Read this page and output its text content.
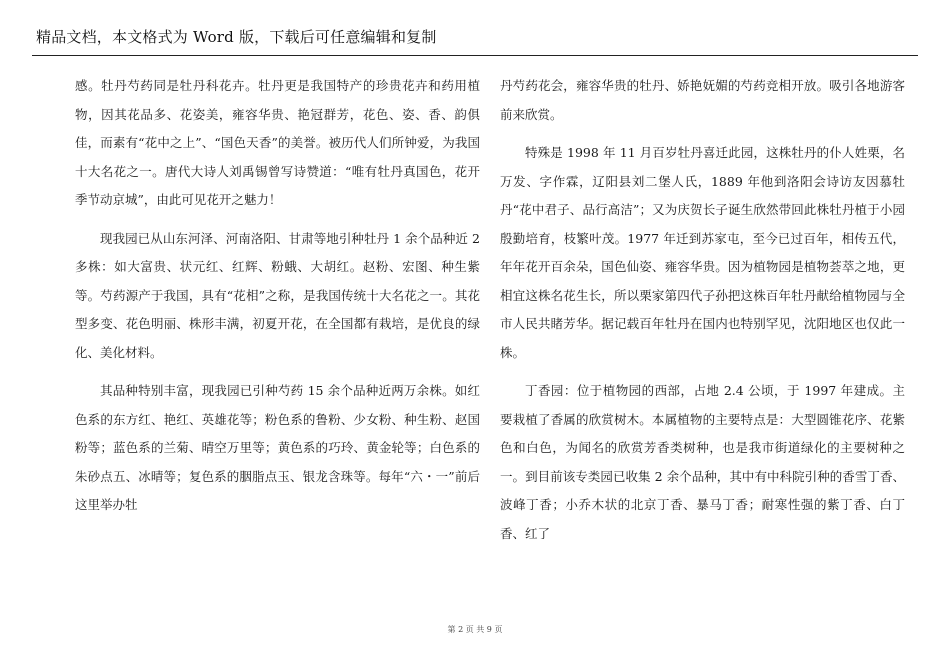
精品文档，本文格式为 Word 版，下载后可任意编辑和复制

感。牡丹芍药同是牡丹科花卉。牡丹更是我国特产的珍贵花卉和药用植物，因其花品多、花姿美，雍容华贵、艳冠群芳，花色、姿、香、韵俱佳，而素有“花中之上”、“国色天香”的美誉。被历代人们所钟爱，为我国十大名花之一。唐代大诗人刘禹锡曾写诗赞道：“唯有牡丹真国色，花开季节动京城”，由此可见花开之魅力！

现我园已从山东河泽、河南洛阳、甘肃等地引种牡丹 1 余个品种近 2 多株：如大富贵、状元红、红辉、粉蛾、大胡红。赵粉、宏图、种生紫等。芍药源产于我国，具有“花相”之称，是我国传统十大名花之一。其花型多变、花色明丽、株形丰满，初夏开花，在全国都有栽培，是优良的绿化、美化材料。

其品种特别丰富，现我园已引种芍药 15 余个品种近两万余株。如红色系的东方红、艳红、英雄花等；粉色系的鲁粉、少女粉、种生粉、赵国粉等；蓝色系的兰菊、晴空万里等；黄色系的巧玲、黄金轮等；白色系的朱砂点五、冰晴等；复色系的胭脂点玉、银龙含珠等。每年“六・一”前后这里举办牡

丹芍药花会，雍容华贵的牡丹、娇艳妩媚的芍药竞相开放。吸引各地游客前来欣赏。

特殊是 1998 年 11 月百岁牡丹喜迁此园，这株牡丹的仆人姓栗，名万发、字作霖，辽阳县刘二堡人氏，1889 年他到洛阳会诗访友因慕牡丹“花中君子、品行高洁”；又为庆贺长子诞生欣然带回此株牡丹植于小园殷勤培育，枝繁叶茂。1977 年迁到苏家屯，至今已过百年，相传五代，年年花开百余朵，国色仙姿、雍容华贵。因为植物园是植物荟萃之地，更相宜这株名花生长，所以栗家第四代子孙把这株百年牡丹献给植物园与全市人民共睹芳华。据记载百年牡丹在国内也特别罕见，沈阳地区也仅此一株。

丁香园：位于植物园的西部，占地 2.4 公顷，于 1997 年建成。主要栽植了香属的欣赏树木。本属植物的主要特点是：大型圆锥花序、花紫色和白色，为闻名的欣赏芳香类树种，也是我市街道绿化的主要树种之一。到目前该专类园已收集 2 余个品种，其中有中科院引种的香雪丁香、波峰丁香；小乔木状的北京丁香、暴马丁香；耐寒性强的紫丁香、白丁香、红了

第 2 页 共 9 页
